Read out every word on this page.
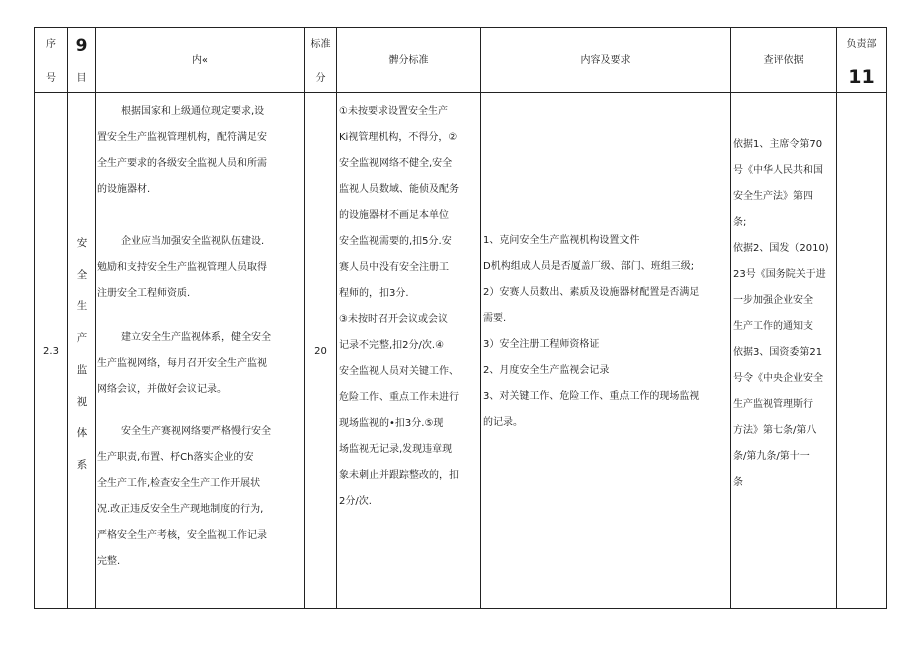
序
号
9
目
内«
标准
分
髀分标准	内容及要求	查评依据
负责部
11
2.3
安
全
生
产
监
视
体
系
根据国家和上级通位现定要求,设
置安全生产监视管理机构，配符满足安
全生产要求的各级安全监视人员和所需
的设施器材.
企业应当加强安全监视队伍建设.
勉励和支持安全生产监视管理人员取得
注册安全工程师资质.
建立安全生产监视体系，健全安全
生产监视网络，每月召开安全生产监视
网络会议，并做好会议记录。
安全生产赛视网络要严格慢行安全
生产职责,布置、杼Ch落实企业的安
全生产工作,检查安全生产工作开展状
况.改正违反安全生产现地制度的行为,
严格安全生产考核，安全监视工作记录
完整.
20
①未按要求设置安全生产
Ki视管理机构，不得分，②
安全监视网络不健全,安全
监视人员数域、能侦及配务
的设施器材不画足本单位
安全监视需要的,扣5分.安
赛人员中没有安全注册工
程师的，扣3分.
③未按时召开会议或会议
记录不完整,扣2分/次.④
安全监视人员对关键工作、
危险工作、重点工作未进行
现场监视的•扣3分.⑤现
场监视无记录,发现违章现
象未刺止并跟踪整改的，扣
2分/次.
1、克问安全生产监视机构设置文件
D机构组成人员是否厦盖厂级、部门、班组三级;
2）安赛人员数出、素质及设施器材配置是否满足
需要.
3）安全注册工程师资格证
2、月度安全生产监视会记录
3、对关键工作、危险工作、重点工作的现场监视
的记录。
依据1、主席令第70
号《中华人民共和国
安全生产法》第四
条;
依据2、国发（2010)
23号《国务院关于进
一步加强企业安全
生产工作的通知支
依据3、国资委第21
号令《中央企业安全
生产监视管理斯行
方法》第七条/第八
条/第九条/第十一
条
